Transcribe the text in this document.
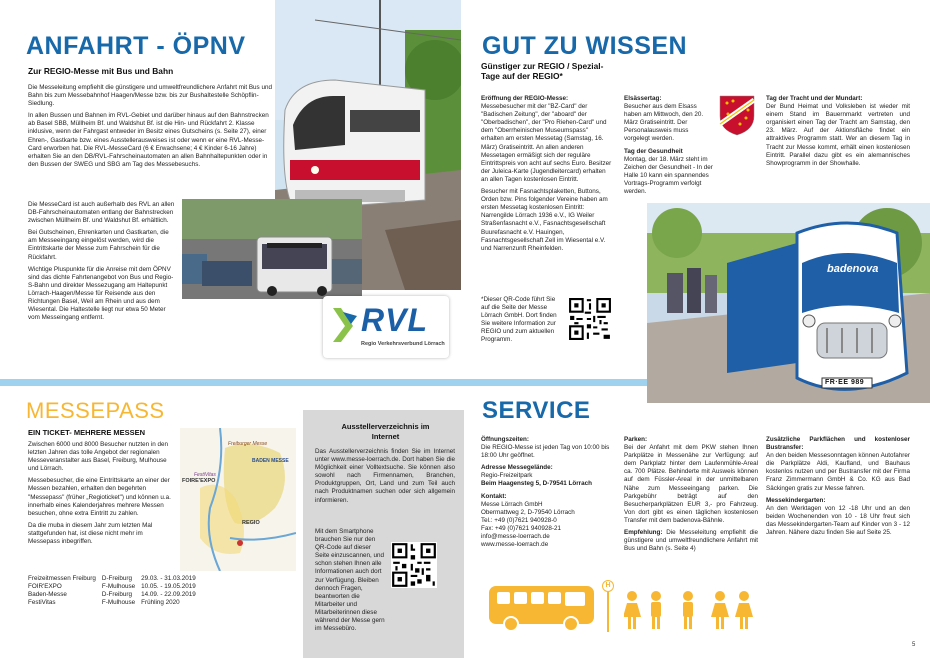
ANFAHRT - ÖPNV
Zur REGIO-Messe mit Bus und Bahn

Die Messeleitung empfiehlt die günstigere und umweltfreundlichere Anfahrt mit Bus und Bahn bis zum Messebahnhof Haagen/Messe bzw. bis zur Bushaltestelle Schöpflin-Siedlung.

In allen Bussen und Bahnen im RVL-Gebiet und darüber hinaus auf den Bahnstrecken ab Basel SBB, Müllheim Bf. und Waldshut Bf. ist die Hin- und Rückfahrt 2. Klasse inklusive, wenn der Fahrgast entweder im Besitz eines Gutscheins (s. Seite 27), einer Ehren-, Gastkarte bzw. eines Ausstellerausweises ist oder wenn er eine RVL-Messe-Card erworben hat. Die RVL-MesseCard (6 € Erwachsene; 4 € Kinder 6-16 Jahre) erhalten Sie an den DB/RVL-Fahrscheinautomaten an allen Bahnhaltepunkten oder in den Bussen der SWEG und SBG am Tag des Messebesuchs.

Die MesseCard ist auch außerhalb des RVL an allen DB-Fahrscheinautomaten entlang der Bahnstrecken zwischen Müllheim Bf. und Waldshut Bf. erhältlich.

Bei Gutscheinen, Ehrenkarten und Gastkarten, die am Messeeingang eingelöst werden, wird die Eintrittskarte der Messe zum Fahrschein für die Rückfahrt.

Wichtige Pluspunkte für die Anreise mit dem ÖPNV sind das dichte Fahrtenangebot von Bus und Regio-S-Bahn und direkter Messezugang am Haltepunkt Lörrach-Haagen/Messe für Reisende aus den Richtungen Basel, Weil am Rhein und aus dem Wiesental. Die Haltestelle liegt nur etwa 50 Meter vom Messeingang entfernt.	RVL
Regio Verkehrsverbund Lörrach
MESSEPASS
EIN TICKET- MEHRERE MESSEN

Zwischen 6000 und 8000 Besucher nutzten in den letzten Jahren das tolle Angebot der regionalen Messeveranstalter aus Basel, Freiburg, Mulhouse und Lörrach.

Messebesucher, die eine Eintrittskarte an einer der Messen bezahlen, erhalten den begehrten "Messepass" (früher „Regioticket") und können u.a. innerhalb eines Kalenderjahres mehrere Messen besuchen, ohne extra Eintritt zu zahlen.

Da die muba in diesem Jahr zum letzten Mal stattgefunden hat, ist diese nicht mehr im Messepass inbegriffen.

Freiburger Messe
FOIRE'EXPO
BADEN MESSE
REGIO
FestiVitas
Freizeitmessen Freiburg	D-Freiburg	29.03. - 31.03.2019
FOIR'EXPO	F-Mulhouse	10.05. - 19.05.2019
Baden-Messe	D-Freiburg	14.09. - 22.09.2019
FestiVitas	F-Mulhouse	Frühling 2020
Ausstellerverzeichnis im Internet
Das Ausstellerverzeichnis finden Sie im Internet unter www.messe-loerrach.de. Dort haben Sie die Möglichkeit einer Volltextsuche. Sie können also sowohl nach Firmennamen, Branchen, Produktgruppen, Ort, Land und zum Teil auch nach Produktnamen suchen oder sich allgemein informieren.
Mit dem Smartphone brauchen Sie nur den QR-Code auf dieser Seite einzuscannen, und schon stehen Ihnen alle Informationen auch dort zur Verfügung. Bleiben dennoch Fragen, beantworten die Mitarbeiter und Mitarbeiterinnen diese während der Messe gern im Messebüro.
GUT ZU WISSEN
Günstiger zur REGIO / Spezial-Tage auf der REGIO*

Eröffnung der REGIO-Messe:
Messebesucher mit der "BZ-Card" der "Badischen Zeitung", der "aboard" der "Oberbadischen", der "Pro Riehen-Card" und dem "Oberrheinischen Museumspass" erhalten am ersten Messetag (Samstag, 16. März) Gratiseintritt. An allen anderen Messetagen ermäßigt sich der reguläre Eintrittspreis von acht auf sechs Euro. Besitzer der Juleica-Karte (Jugendleitercard) erhalten an allen Tagen kostenlosen Eintritt.

Besucher mit Fasnachtsplaketten, Buttons, Orden bzw. Pins folgender Vereine haben am ersten Messetag kostenlosen Eintritt: Narrengilde Lörrach 1936 e.V., IG Weiler Straßenfasnacht e.V., Fasnachtsgesellschaft Buurefasnacht e.V. Hauingen, Fasnachtsgesellschaft Zell im Wiesental e.V. und Narrenzunft Rheinfelden.

*Dieser QR-Code führt Sie auf die Seite der Messe Lörrach GmbH. Dort finden Sie weitere Information zur REGIO und zum aktuellen Programm.

Elsässertag:
Besucher aus dem Elsass haben am Mittwoch, den 20. März Gratiseintritt. Der Personalausweis muss vorgelegt werden.

Tag der Gesundheit
Montag, der 18. März steht im Zeichen der Gesundheit - In der Halle 10 kann ein spannendes Vortrags-Programm verfolgt werden.

Tag der Tracht und der Mundart:
Der Bund Heimat und Volksleben ist wieder mit einem Stand im Bauernmarkt vertreten und organisiert einen Tag der Tracht am Samstag, den 23. März. Auf der Aktionsfläche findet ein attraktives Programm statt. Wer an diesem Tag in Tracht zur Messe kommt, erhält einen kostenlosen Eintritt. Parallel dazu gibt es ein alemannisches Showprogramm in der Showhalle.

badenova-Bähnle
badenova
FR·EE 989
SERVICE

Öffnungszeiten:
Die REGIO-Messe ist jeden Tag von 10:00 bis 18:00 Uhr geöffnet.

Adresse Messegelände:
Regio-Freizeitpark
Beim Haagensteg 5, D-79541 Lörrach

Kontakt:
Messe Lörrach GmbH
Obermattweg 2, D-79540 Lörrach
Tel.: +49 (0)7621 940928-0
Fax: +49 (0)7621 940928-21
info@messe-loerrach.de
www.messe-loerrach.de

Parken:
Bei der Anfahrt mit dem PKW stehen Ihnen Parkplätze in Messenähe zur Verfügung: auf dem Parkplatz hinter dem Laufenmühle-Areal ca. 700 Plätze. Behinderte mit Ausweis können auf dem Füssler-Areal in der unmittelbaren Nähe zum Messeeingang parken. Die Parkgebühr beträgt auf den Besucherparkplätzen EUR 3,- pro Fahrzeug. Von dort gibt es einen täglichen kostenlosen Transfer mit dem badenova-Bähnle.

Empfehlung: Die Messeleitung empfiehlt die günstigere und umweltfreundlichere Anfahrt mit Bus und Bahn (s. Seite 4)

Zusätzliche Parkflächen und kostenloser Bustransfer:
An den beiden Messesonntagen können Autofahrer die Parkplätze Aldi, Kaufland, und Bauhaus kostenlos nutzen und per Bustransfer mit der Firma Franz Zimmermann GmbH & Co. KG aus Bad Säckingen gratis zur Messe fahren.

Messekindergarten:
An den Werktagen von 12 -18 Uhr und an den beiden Wochenenden von 10 - 18 Uhr freut sich das Messekindergarten-Team auf Kinder von 3 - 12 Jahren. Nähere dazu finden Sie auf Seite 25.

H
5
